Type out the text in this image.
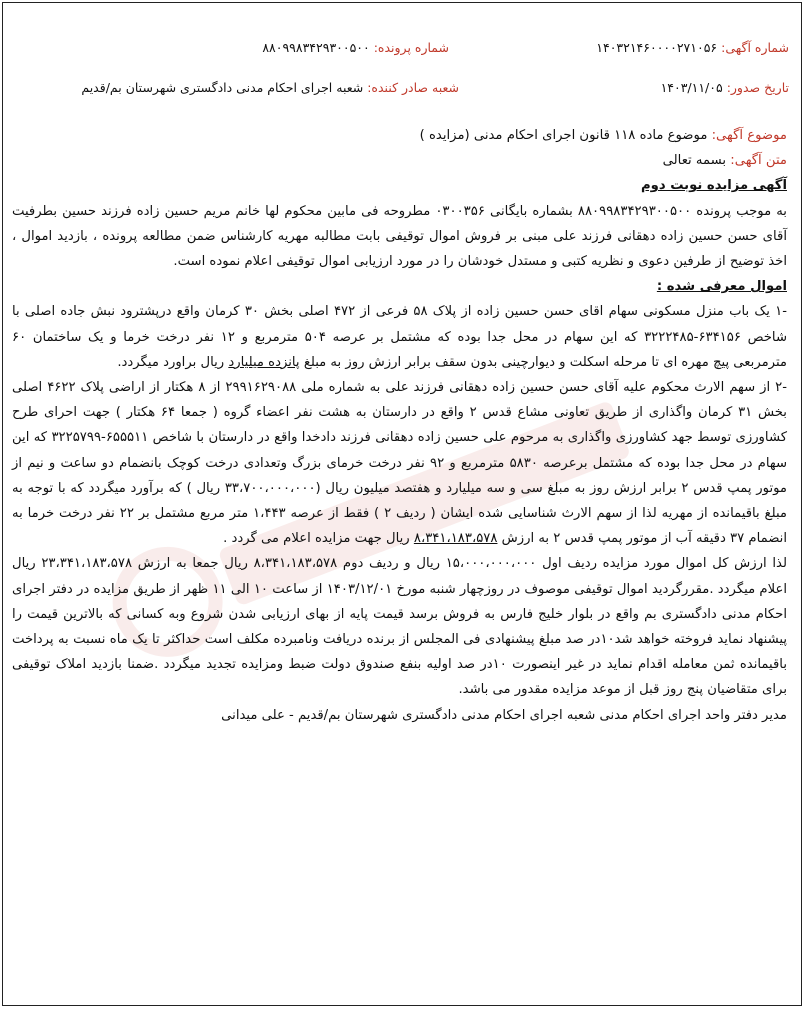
شماره آگهی: ۱۴۰۳۲۱۴۶۰۰۰۰۲۷۱۰۵۶
شماره پرونده: ۸۸۰۹۹۸۳۴۲۹۳۰۰۵۰۰
تاریخ صدور: ۱۴۰۳/۱۱/۰۵
شعبه صادر کننده: شعبه اجرای احکام مدنی دادگستری شهرستان بم/قدیم

موضوع آگهی: موضوع ماده ۱۱۸ قانون اجرای احکام مدنی (مزایده )

متن آگهی: بسمه تعالی

آگهی مزایده نوبت دوم

به موجب پرونده ۸۸۰۹۹۸۳۴۲۹۳۰۰۵۰۰ بشماره بایگانی ۰۳۰۰۳۵۶ مطروحه فی مابین محکوم لها خانم مریم حسین زاده فرزند حسین بطرفیت آقای حسن حسین زاده دهقانی فرزند علی مبنی بر فروش اموال توقیفی بابت مطالبه مهریه کارشناس ضمن مطالعه پرونده ، بازدید اموال ، اخذ توضیح از طرفین دعوی و نظریه کتبی و مستدل خودشان را در مورد ارزیابی اموال توقیفی اعلام نموده است.

اموال معرفی شده :

-۱ یک باب منزل مسکونی سهام اقای حسن حسین زاده از پلاک ۵۸ فرعی از ۴۷۲ اصلی بخش ۳۰ کرمان واقع درپشترود نبش جاده اصلی با شاخص ۶۳۴۱۵۶-۳۲۲۲۴۸۵ که این سهام در محل جدا بوده که مشتمل بر عرصه ۵۰۴ مترمربع و ۱۲ نفر درخت خرما و یک ساختمان ۶۰ مترمربعی پیچ مهره ای تا مرحله اسکلت و دیوارچینی بدون سقف برابر ارزش روز به مبلغ پانزده میلیارد ریال براورد میگردد.

-۲ از سهم الارث محکوم علیه آقای حسن حسین زاده دهقانی فرزند علی به شماره ملی ۲۹۹۱۶۲۹۰۸۸ از ۸ هکتار از اراضی پلاک ۴۶۲۲ اصلی بخش ۳۱ کرمان واگذاری از طریق تعاونی مشاع قدس ۲ واقع در دارستان به هشت نفر اعضاء گروه ( جمعا ۶۴ هکتار ) جهت احرای طرح کشاورزی توسط جهد کشاورزی واگذاری به مرحوم علی حسین زاده دهقانی فرزند دادخدا واقع در دارستان با شاخص ۶۵۵۵۱۱-۳۲۲۵۷۹۹ که این سهام در محل جدا بوده که مشتمل برعرصه ۵۸۳۰ مترمربع و ۹۲ نفر درخت خرمای بزرگ وتعدادی درخت کوچک بانضمام دو ساعت و نیم از موتور پمپ قدس ۲ برابر ارزش روز به مبلغ سی و سه میلیارد و هفتصد میلیون ریال (۳۳،۷۰۰،۰۰۰،۰۰۰ ریال ) که برآورد میگردد که با توجه به مبلغ باقیمانده از مهریه لذا از سهم الارث شناسایی شده ایشان ( ردیف ۲ ) فقط از عرصه ۱،۴۴۳ متر مربع مشتمل بر ۲۲ نفر درخت خرما به انضمام ۳۷ دقیقه آب از موتور پمپ قدس ۲ به ارزش ۸،۳۴۱،۱۸۳،۵۷۸ ریال جهت مزایده اعلام می گردد .

لذا ارزش کل اموال مورد مزایده ردیف اول ۱۵،۰۰۰،۰۰۰،۰۰۰ ریال و ردیف دوم ۸،۳۴۱،۱۸۳،۵۷۸ ریال جمعا به ارزش ۲۳،۳۴۱،۱۸۳،۵۷۸ ریال اعلام میگردد .مقررگردید اموال توقیفی موصوف در روزچهار شنبه مورخ ۱۴۰۳/۱۲/۰۱ از ساعت ۱۰ الی ۱۱ ظهر از طریق مزایده در دفتر اجرای احکام مدنی دادگستری بم واقع در بلوار خلیج فارس به فروش برسد قیمت پایه از بهای ارزیابی شدن شروع وبه کسانی که بالاترین قیمت را پیشنهاد نماید فروخته خواهد شد۱۰در صد مبلغ پیشنهادی فی المجلس از برنده دریافت ونامبرده مکلف است حداکثر تا یک ماه نسبت به پرداخت باقیمانده ثمن معامله اقدام نماید در غیر اینصورت ۱۰در صد اولیه بنفع صندوق دولت ضبط ومزایده تجدید میگردد .ضمنا بازدید املاک توقیفی برای متقاضیان پنج روز قبل از موعد مزایده مقدور می باشد.

مدیر دفتر واحد اجرای احکام مدنی شعبه اجرای احکام مدنی دادگستری شهرستان بم/قدیم - علی میدانی
